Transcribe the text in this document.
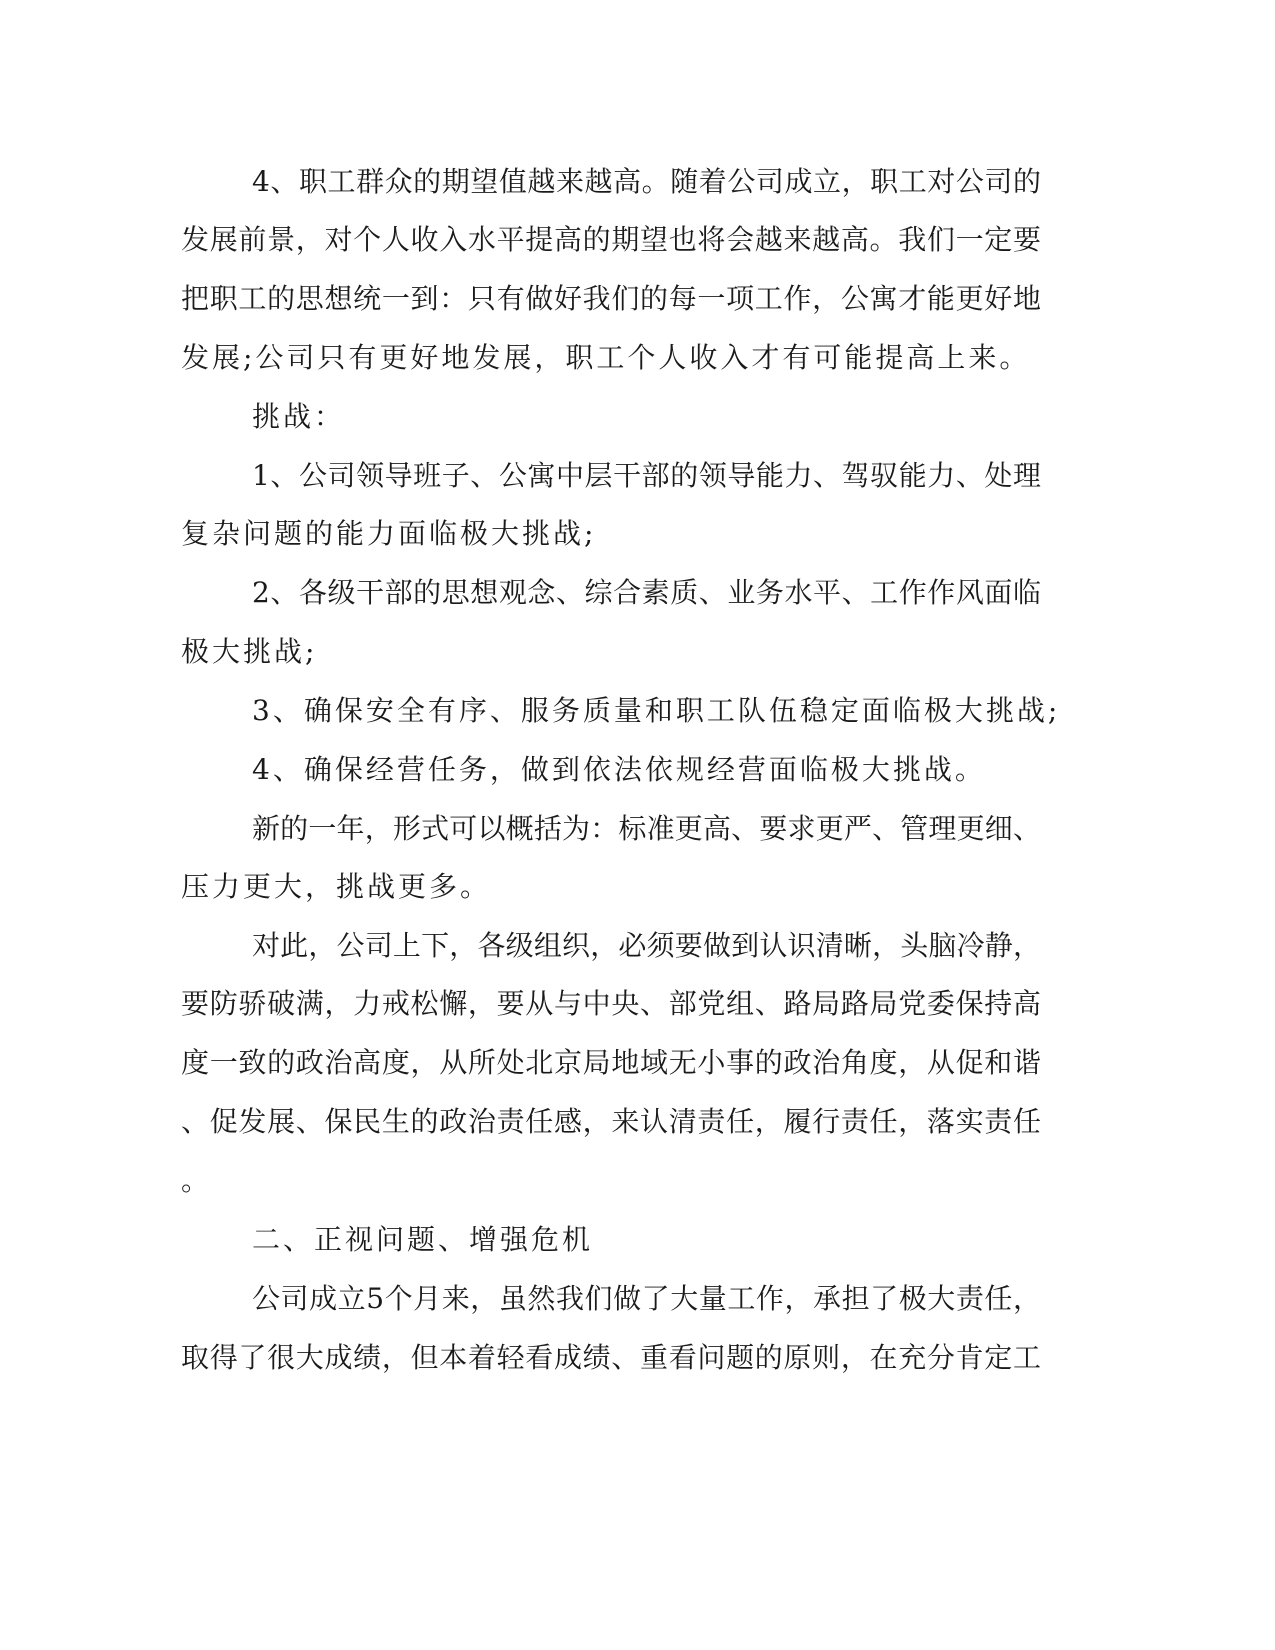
4、职工群众的期望值越来越高。随着公司成立，职工对公司的
发展前景，对个人收入水平提高的期望也将会越来越高。我们一定要
把职工的思想统一到：只有做好我们的每一项工作，公寓才能更好地
发展;公司只有更好地发展，职工个人收入才有可能提高上来。
挑战：
1、公司领导班子、公寓中层干部的领导能力、驾驭能力、处理
复杂问题的能力面临极大挑战;
2、各级干部的思想观念、综合素质、业务水平、工作作风面临
极大挑战;
3、确保安全有序、服务质量和职工队伍稳定面临极大挑战;
4、确保经营任务，做到依法依规经营面临极大挑战。
新的一年，形式可以概括为：标准更高、要求更严、管理更细、
压力更大，挑战更多。
对此，公司上下，各级组织，必须要做到认识清晰，头脑冷静，
要防骄破满，力戒松懈，要从与中央、部党组、路局路局党委保持高
度一致的政治高度，从所处北京局地域无小事的政治角度，从促和谐
、促发展、保民生的政治责任感，来认清责任，履行责任，落实责任
。
二、正视问题、增强危机
公司成立5个月来，虽然我们做了大量工作，承担了极大责任，
取得了很大成绩，但本着轻看成绩、重看问题的原则，在充分肯定工
